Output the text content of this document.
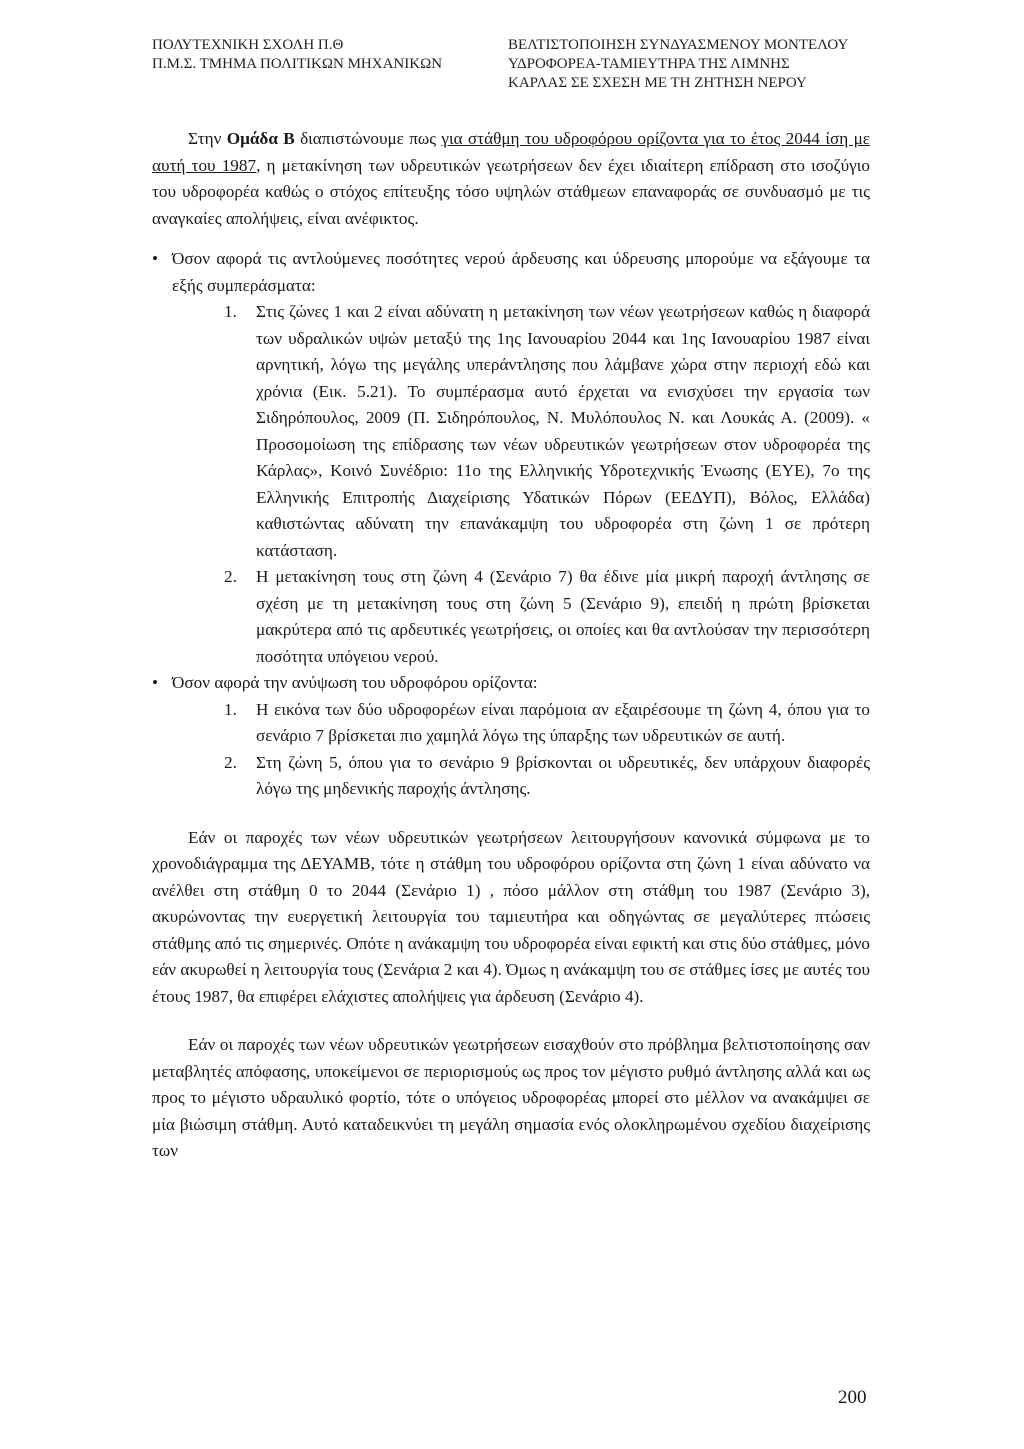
ΠΟΛΥΤΕΧΝΙΚΗ ΣΧΟΛΗ Π.Θ
Π.Μ.Σ. ΤΜΗΜΑ ΠΟΛΙΤΙΚΩΝ ΜΗΧΑΝΙΚΩΝ
ΒΕΛΤΙΣΤΟΠΟΙΗΣΗ ΣΥΝΔΥΑΣΜΕΝΟΥ ΜΟΝΤΕΛΟΥ
ΥΔΡΟΦΟΡΕΑ-ΤΑΜΙΕΥΤΗΡΑ ΤΗΣ ΛΙΜΝΗΣ
ΚΑΡΛΑΣ ΣΕ ΣΧΕΣΗ ΜΕ ΤΗ ΖΗΤΗΣΗ ΝΕΡΟΥ

Στην Ομάδα Β διαπιστώνουμε πως για στάθμη του υδροφόρου ορίζοντα για το έτος 2044 ίση με αυτή του 1987, η μετακίνηση των υδρευτικών γεωτρήσεων δεν έχει ιδιαίτερη επίδραση στο ισοζύγιο του υδροφορέα καθώς ο στόχος επίτευξης τόσο υψηλών στάθμεων επαναφοράς σε συνδυασμό με τις αναγκαίες απολήψεις, είναι ανέφικτος.

• Όσον αφορά τις αντλούμενες ποσότητες νερού άρδευσης και ύδρευσης μπορούμε να εξάγουμε τα εξής συμπεράσματα:

1. Στις ζώνες 1 και 2 είναι αδύνατη η μετακίνηση των νέων γεωτρήσεων καθώς η διαφορά των υδραλικών υψών μεταξύ της 1ης Ιανουαρίου 2044 και 1ης Ιανουαρίου 1987 είναι αρνητική, λόγω της μεγάλης υπεράντλησης που λάμβανε χώρα στην περιοχή εδώ και χρόνια (Εικ. 5.21). Το συμπέρασμα αυτό έρχεται να ενισχύσει την εργασία των Σιδηρόπουλος, 2009 (Π. Σιδηρόπουλος, Ν. Μυλόπουλος Ν. και Λουκάς Α. (2009). « Προσομοίωση της επίδρασης των νέων υδρευτικών γεωτρήσεων στον υδροφορέα της Κάρλας», Κοινό Συνέδριο: 11ο της Ελληνικής Υδροτεχνικής Ένωσης (ΕΥΕ), 7ο της Ελληνικής Επιτροπής Διαχείρισης Υδατικών Πόρων (ΕΕΔΥΠ), Βόλος, Ελλάδα) καθιστώντας αδύνατη την επανάκαμψη του υδροφορέα στη ζώνη 1 σε πρότερη κατάσταση.
2. Η μετακίνηση τους στη ζώνη 4 (Σενάριο 7) θα έδινε μία μικρή παροχή άντλησης σε σχέση με τη μετακίνηση τους στη ζώνη 5 (Σενάριο 9), επειδή η πρώτη βρίσκεται μακρύτερα από τις αρδευτικές γεωτρήσεις, οι οποίες και θα αντλούσαν την περισσότερη ποσότητα υπόγειου νερού.
• Όσον αφορά την ανύψωση του υδροφόρου ορίζοντα:

1. Η εικόνα των δύο υδροφορέων είναι παρόμοια αν εξαιρέσουμε τη ζώνη 4, όπου για το σενάριο 7 βρίσκεται πιο χαμηλά λόγω της ύπαρξης των υδρευτικών σε αυτή.
2. Στη ζώνη 5, όπου για το σενάριο 9 βρίσκονται οι υδρευτικές, δεν υπάρχουν διαφορές λόγω της μηδενικής παροχής άντλησης.

Εάν οι παροχές των νέων υδρευτικών γεωτρήσεων λειτουργήσουν κανονικά σύμφωνα με το χρονοδιάγραμμα της ΔΕΥΑΜΒ, τότε η στάθμη του υδροφόρου ορίζοντα στη ζώνη 1 είναι αδύνατο να ανέλθει στη στάθμη 0 το 2044 (Σενάριο 1) , πόσο μάλλον στη στάθμη του 1987 (Σενάριο 3), ακυρώνοντας την ευεργετική λειτουργία του ταμιευτήρα και οδηγώντας σε μεγαλύτερες πτώσεις στάθμης από τις σημερινές. Οπότε η ανάκαμψη του υδροφορέα είναι εφικτή και στις δύο στάθμες, μόνο εάν ακυρωθεί η λειτουργία τους (Σενάρια 2 και 4). Όμως η ανάκαμψη του σε στάθμες ίσες με αυτές του έτους 1987, θα επιφέρει ελάχιστες απολήψεις για άρδευση (Σενάριο 4).

Εάν οι παροχές των νέων υδρευτικών γεωτρήσεων εισαχθούν στο πρόβλημα βελτιστοποίησης σαν μεταβλητές απόφασης, υποκείμενοι σε περιορισμούς ως προς τον μέγιστο ρυθμό άντλησης αλλά και ως προς το μέγιστο υδραυλικό φορτίο, τότε ο υπόγειος υδροφορέας μπορεί στο μέλλον να ανακάμψει σε μία βιώσιμη στάθμη. Αυτό καταδεικνύει τη μεγάλη σημασία ενός ολοκληρωμένου σχεδίου διαχείρισης των

200
